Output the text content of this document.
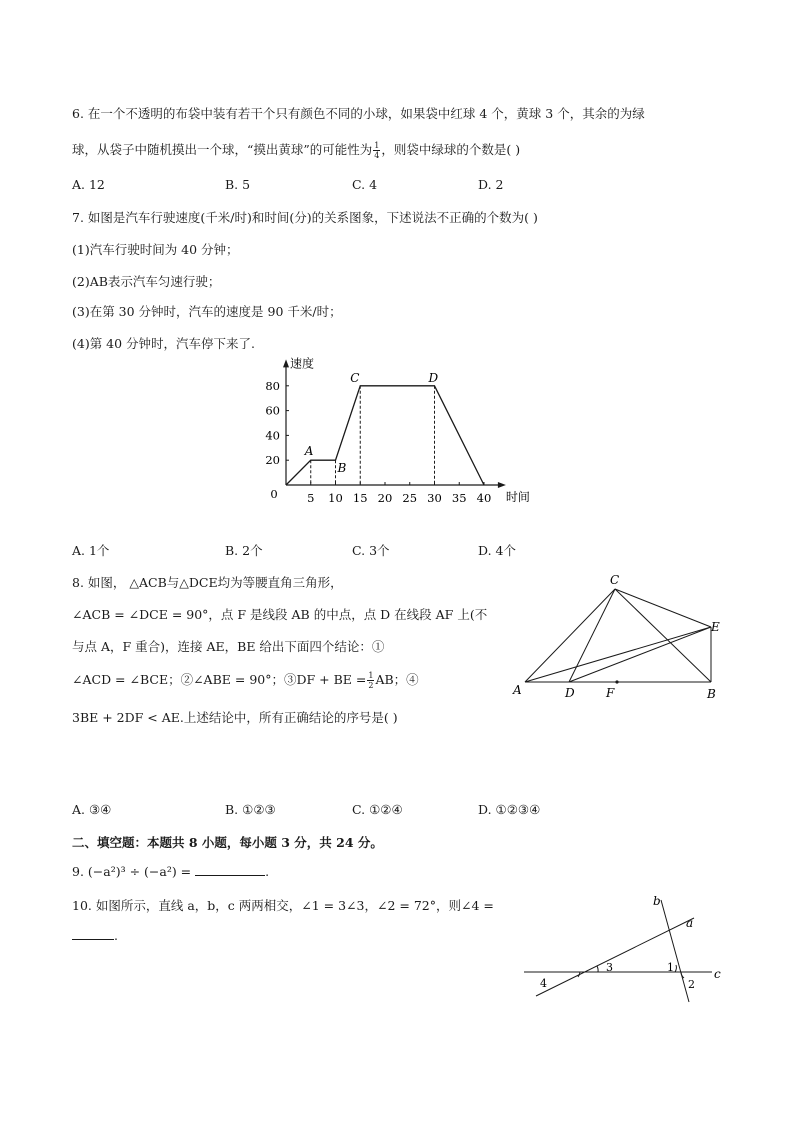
6. 在一个不透明的布袋中装有若干个只有颜色不同的小球，如果袋中红球 4 个，黄球 3 个，其余的为绿
球，从袋子中随机摸出一个球，“摸出黄球”的可能性为 $\frac{1}{4}$ ，则袋中绿球的个数是( )
A. 12	B. 5	C. 4	D. 2
7. 如图是汽车行驶速度(千米/时)和时间(分)的关系图象，下述说法不正确的个数为( )
(1)汽车行驶时间为 40 分钟；
(2)AB表示汽车匀速行驶；
(3)在第 30 分钟时，汽车的速度是 90 千米/时；
(4)第 40 分钟时，汽车停下来了.
5 10 15 20 25 30 35 40
20
40
60
80
0
速度
时间
A
B
C	D
A. 1个	B. 2个	C. 3个	D. 4个
8. 如图， △ACB与△DCE均为等腰直角三角形，
∠ACB = ∠DCE = 90°，点 F 是线段 AB 的中点，点 D 在线段 AF 上(不
与点 A，F 重合)，连接 AE，BE 给出下面四个结论：①
∠ACD = ∠BCE；②∠ABE = 90°；③DF + BE = $\frac{1}{2}$ AB；④
3BE + 2DF < AE.上述结论中，所有正确结论的序号是( )
A	B
C
D
E
F
A. ③④	B. ①②③	C. ①②④	D. ①②③④
二、填空题：本题共 8 小题，每小题 3 分，共 24 分。
9. (−a²)³ ÷ (−a²) =	.
10. 如图所示，直线 a，b，c 两两相交，∠1 = 3∠3，∠2 = 72°，则∠4 =
.
b
a
c
1
2
3
4
